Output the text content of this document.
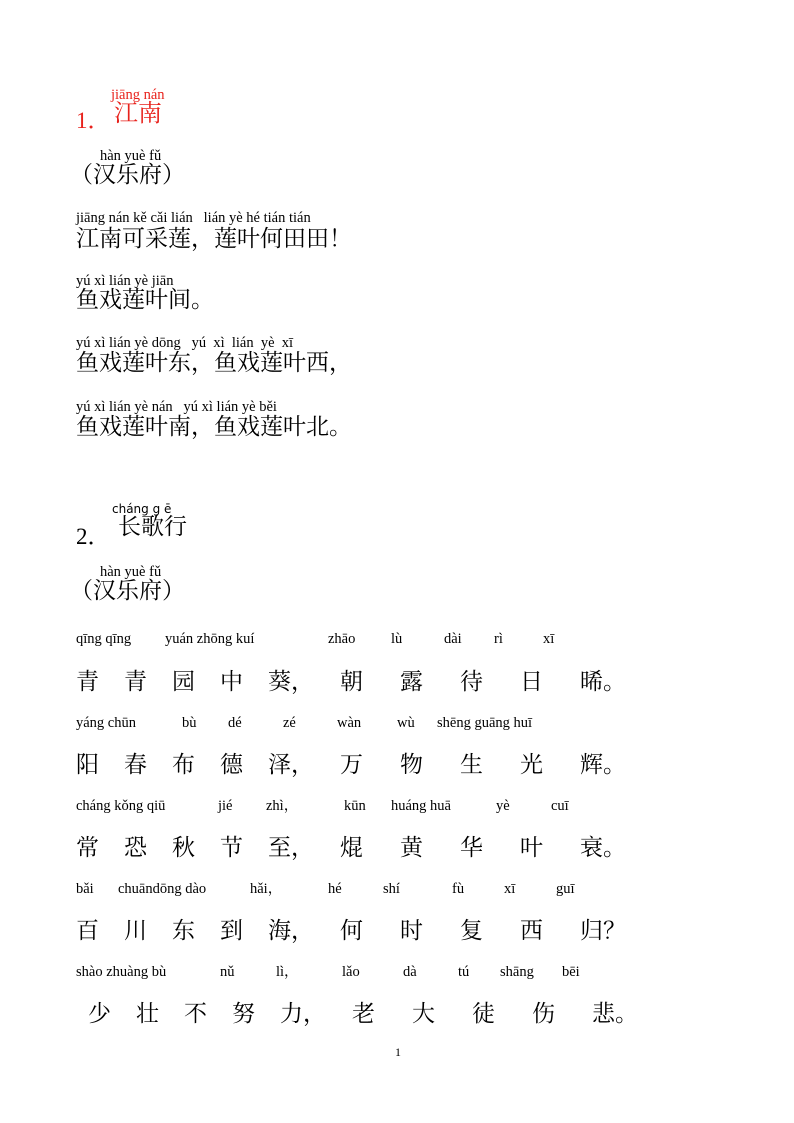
jiāng nán
1． 江南
hàn yuè fǔ
（汉乐府）
jiāng nán kě cǎi lián   lián yè hé tián tián
江南可采莲，莲叶何田田！
yú xì lián yè jiān
鱼戏莲叶间。
yú xì lián yè dōng   yú  xì  lián  yè  xī
鱼戏莲叶东，鱼戏莲叶西，
yú xì lián yè nán   yú xì lián yè běi
鱼戏莲叶南，鱼戏莲叶北。
cháng g ē
2． 长歌行
hàn yuè fǔ
（汉乐府）
qīng qīng yuán zhōng kuí	zhāo lù	dài rì	xī
青 青 园 中 葵， 朝 露 待 日 晞。
yáng chūn	bù dé	zé	wàn wù shēng guāng huī
阳 春 布 德 泽， 万 物 生 光 辉。
cháng kǒng qiū	jié zhì，	kūn huáng huā	yè	cuī
常 恐 秋 节 至， 焜 黄 华 叶 衰。
bǎi chuāndōng dào	hǎi，	hé	shí	fù	xī	guī
百 川 东 到 海， 何 时 复 西 归？
shào zhuàng bù	nǔ	lì，	lǎo	dà	tú shāng bēi
少 壮 不 努 力， 老 大 徒 伤 悲。
1
